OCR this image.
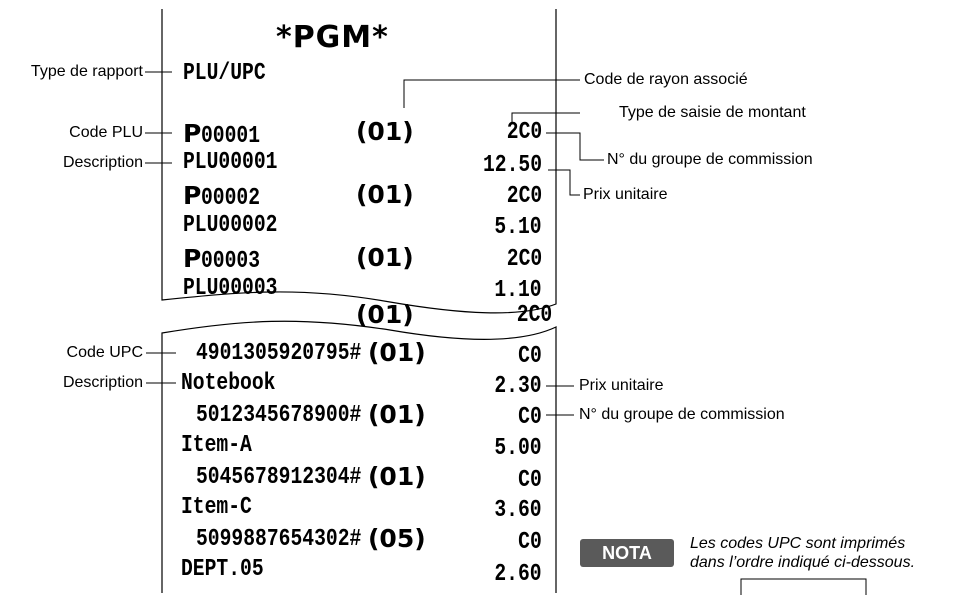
*PGM*
PLU/UPC
P00001	(01)	2C0
PLU00001	12.50
P00002	(01)	2C0
PLU00002	5.10
P00003	(01)	2C0
PLU00003	1.10
(01)	2C0
4901305920795# (01)	C0
Notebook	2.30
5012345678900# (01)	C0
Item-A	5.00
5045678912304# (01)	C0
Item-C	3.60
5099887654302# (05)	C0
DEPT.05	2.60
Type de rapport
Code PLU
Description
Code UPC
Description
Code de rayon associé
Type de saisie de montant
N° du groupe de commission
Prix unitaire
Prix unitaire
N° du groupe de commission
NOTA	Les codes UPC sont imprimés
dans l’ordre indiqué ci-dessous.
